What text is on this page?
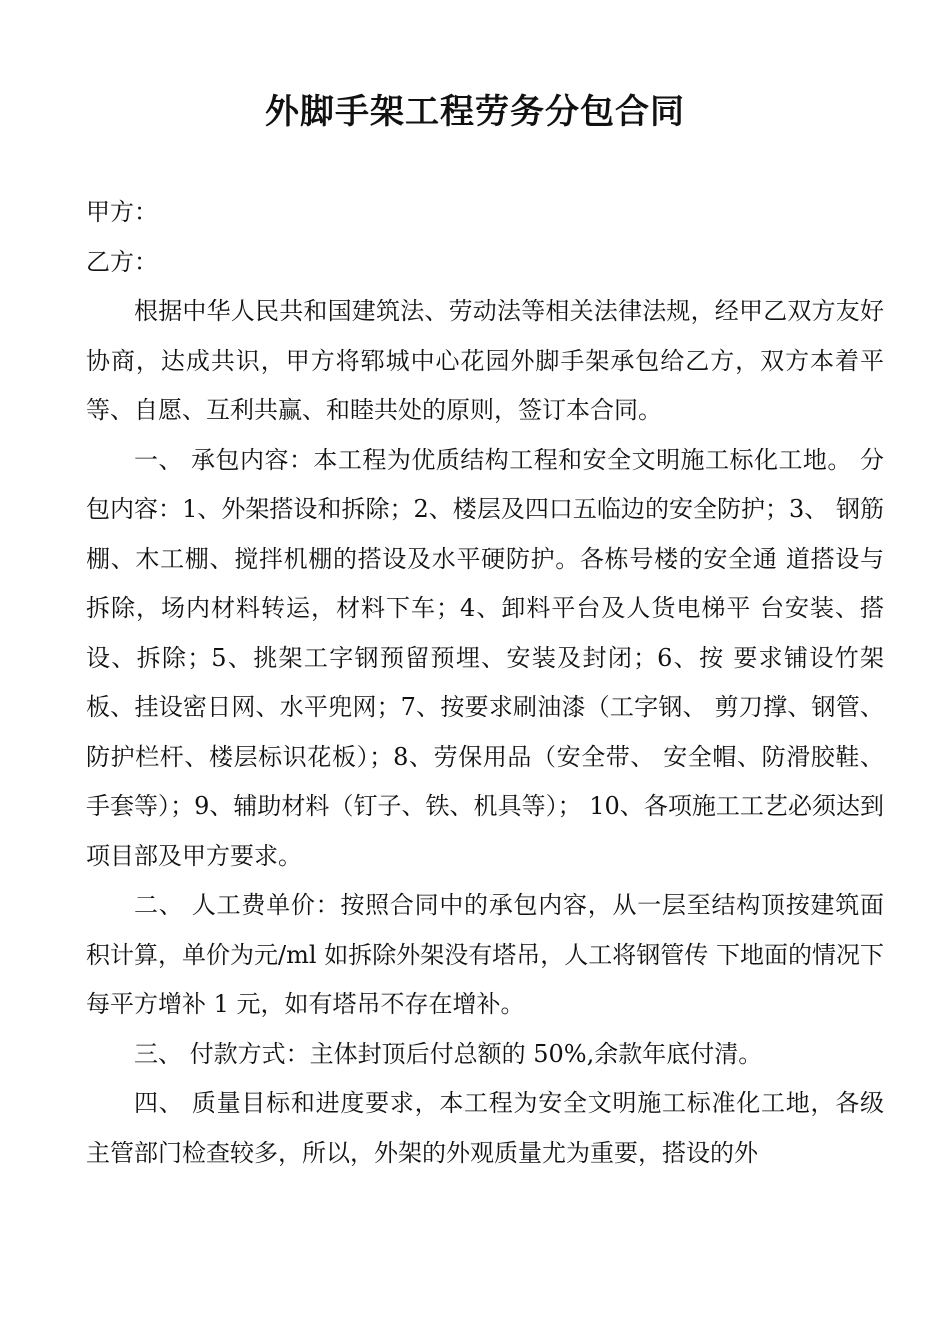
外脚手架工程劳务分包合同

甲方：

乙方：

根据中华人民共和国建筑法、劳动法等相关法律法规，经甲乙双方友好协商，达成共识，甲方将郓城中心花园外脚手架承包给乙方，双方本着平等、自愿、互利共赢、和睦共处的原则，签订本合同。

一、 承包内容：本工程为优质结构工程和安全文明施工标化工地。 分包内容：1、外架搭设和拆除；2、楼层及四口五临边的安全防护；3、 钢筋棚、木工棚、搅拌机棚的搭设及水平硬防护。各栋号楼的安全通 道搭设与拆除，场内材料转运，材料下车；4、卸料平台及人货电梯平 台安装、搭设、拆除；5、挑架工字钢预留预埋、安装及封闭；6、按 要求铺设竹架板、挂设密日网、水平兜网；7、按要求刷油漆（工字钢、 剪刀撑、钢管、防护栏杆、楼层标识花板）；8、劳保用品（安全带、 安全帽、防滑胶鞋、手套等）；9、辅助材料（钉子、铁、机具等）； 10、各项施工工艺必须达到项目部及甲方要求。

二、 人工费单价：按照合同中的承包内容，从一层至结构顶按建筑面积计算，单价为元/ml 如拆除外架没有塔吊，人工将钢管传 下地面的情况下每平方增补 1 元，如有塔吊不存在增补。

三、 付款方式：主体封顶后付总额的 50%,余款年底付清。

四、 质量目标和进度要求，本工程为安全文明施工标准化工地，各级主管部门检查较多，所以，外架的外观质量尤为重要，搭设的外
